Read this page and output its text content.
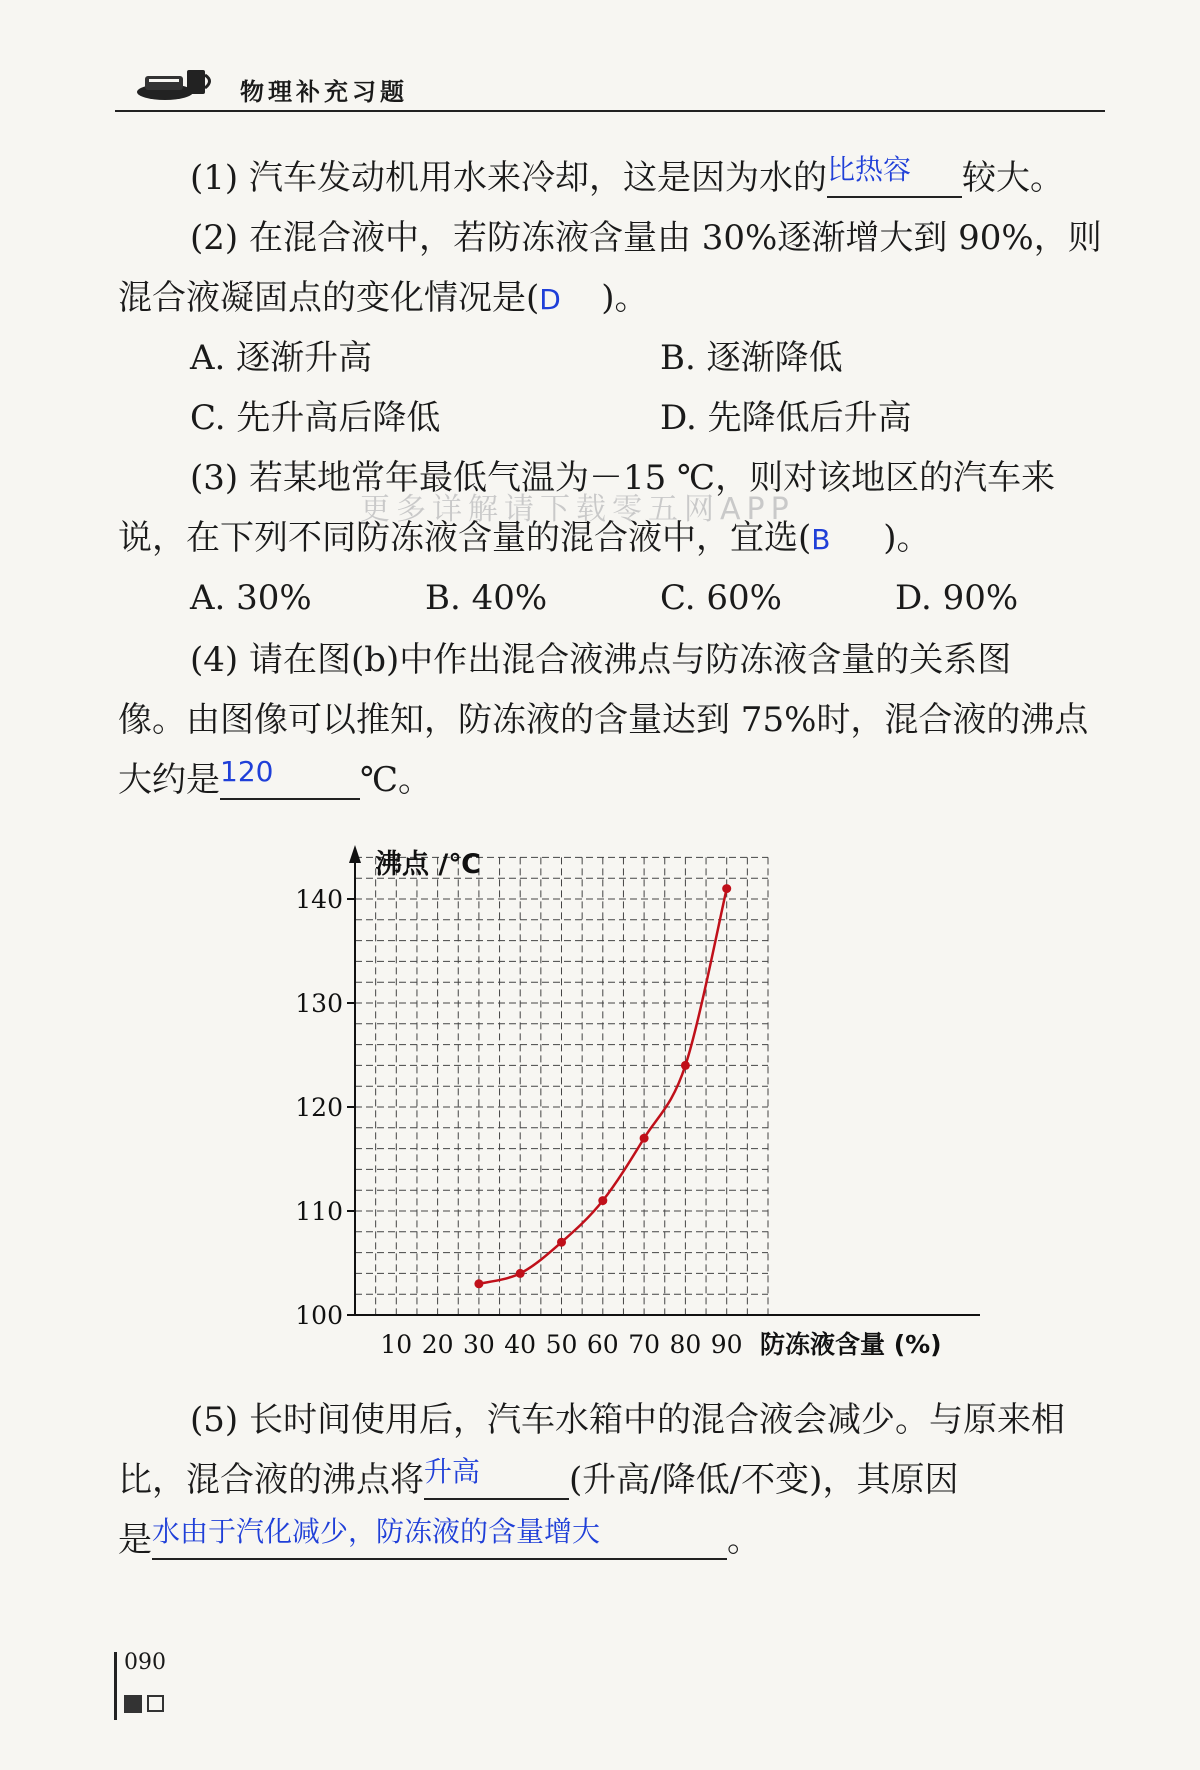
物理补充习题
(1) 汽车发动机用水来冷却，这是因为水的 比热容 较大。
(2) 在混合液中，若防冻液含量由 30%逐渐增大到 90%，则
混合液凝固点的变化情况是(D )。
A. 逐渐升高	B. 逐渐降低
C. 先升高后降低	D. 先降低后升高
(3) 若某地常年最低气温为－15 ℃，则对该地区的汽车来
更多详解请下载零五网APP
说，在下列不同防冻液含量的混合液中，宜选(B )。
A. 30%	B. 40%	C. 60%	D. 90%
(4) 请在图(b)中作出混合液沸点与防冻液含量的关系图
像。由图像可以推知，防冻液的含量达到 75%时，混合液的沸点
大约是 120	℃。
100
110
120
130
140
10 20 30 40 50 60 70 80 90
沸点 /℃
防冻液含量 (%)
(5) 长时间使用后，汽车水箱中的混合液会减少。与原来相
比，混合液的沸点将 升高	(升高/降低/不变)，其原因
是 水由于汽化减少，防冻液的含量增大	。
090
